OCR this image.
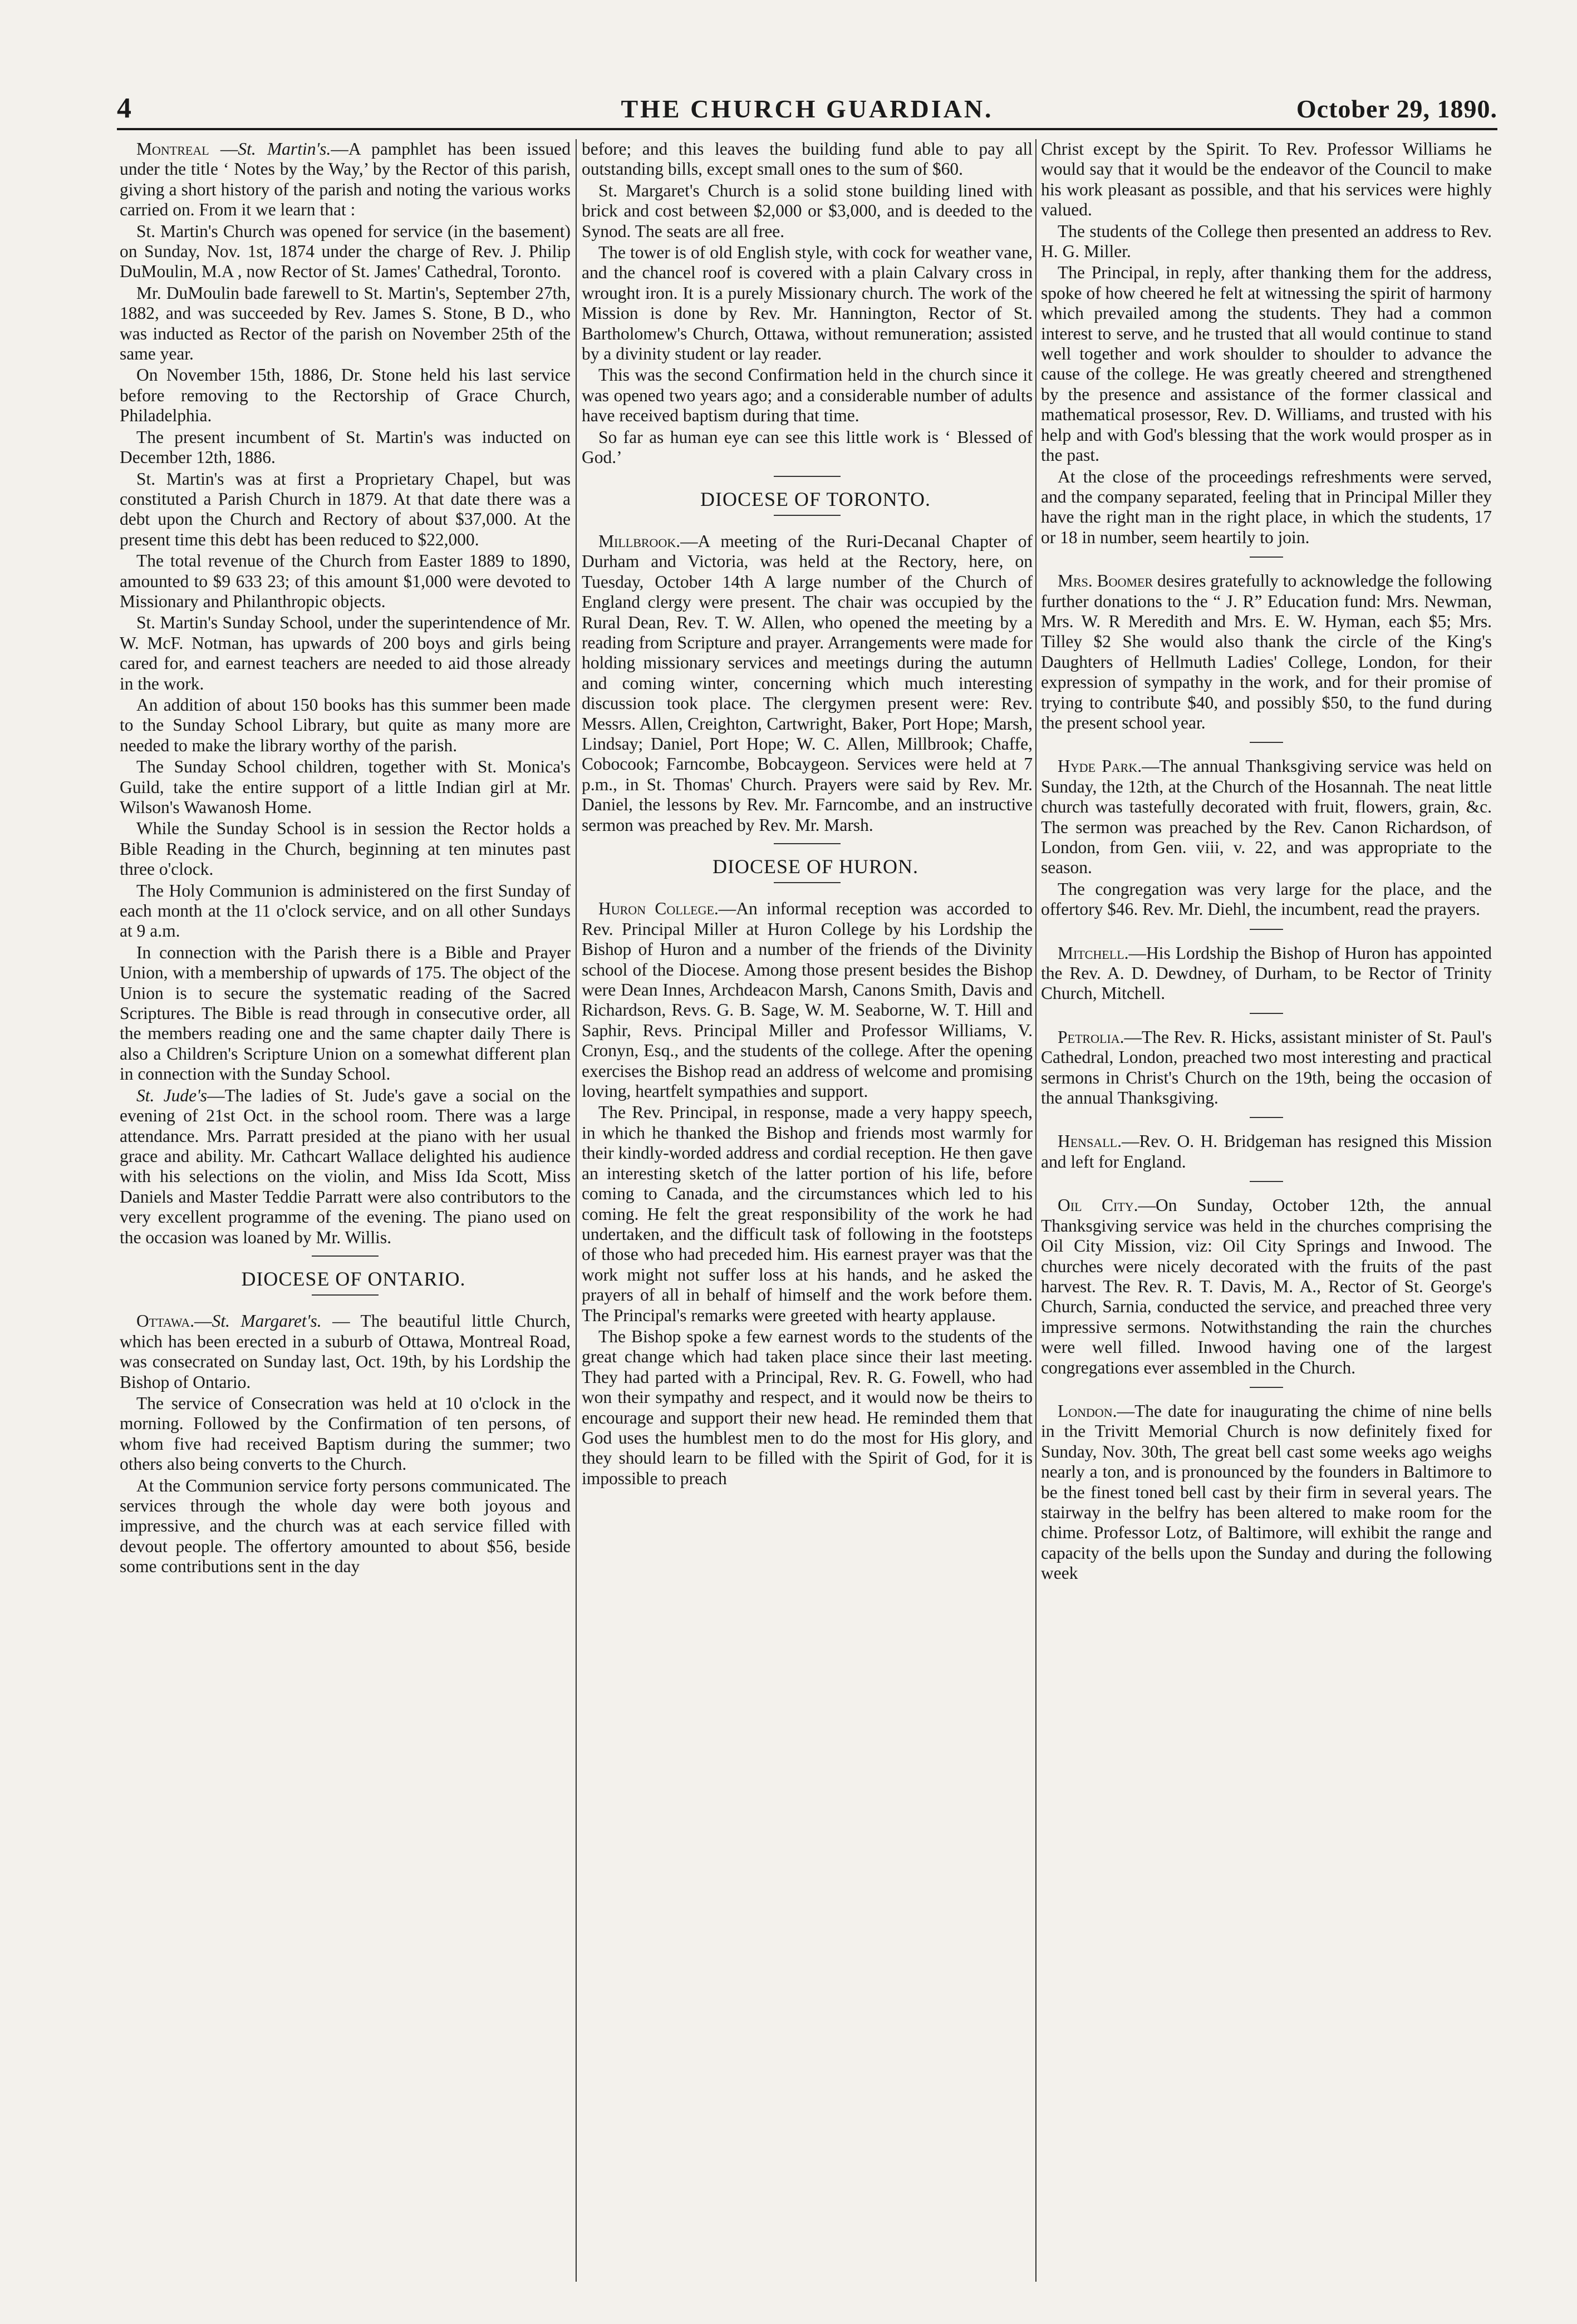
4	THE CHURCH GUARDIAN.	October 29, 1890.

Montreal —St. Martin's.—A pamphlet has been issued under the title ‘ Notes by the Way,’ by the Rector of this parish, giving a short history of the parish and noting the various works carried on. From it we learn that :

St. Martin's Church was opened for service (in the basement) on Sunday, Nov. 1st, 1874 under the charge of Rev. J. Philip DuMoulin, M.A , now Rector of St. James' Cathedral, Toronto.

Mr. DuMoulin bade farewell to St. Martin's, September 27th, 1882, and was succeeded by Rev. James S. Stone, B D., who was inducted as Rector of the parish on November 25th of the same year.

On November 15th, 1886, Dr. Stone held his last service before removing to the Rectorship of Grace Church, Philadelphia.

The present incumbent of St. Martin's was inducted on December 12th, 1886.

St. Martin's was at first a Proprietary Chapel, but was constituted a Parish Church in 1879. At that date there was a debt upon the Church and Rectory of about $37,000. At the present time this debt has been reduced to $22,000.

The total revenue of the Church from Easter 1889 to 1890, amounted to $9 633 23; of this amount $1,000 were devoted to Missionary and Philanthropic objects.

St. Martin's Sunday School, under the superintendence of Mr. W. McF. Notman, has upwards of 200 boys and girls being cared for, and earnest teachers are needed to aid those already in the work.

An addition of about 150 books has this summer been made to the Sunday School Library, but quite as many more are needed to make the library worthy of the parish.

The Sunday School children, together with St. Monica's Guild, take the entire support of a little Indian girl at Mr. Wilson's Wawanosh Home.

While the Sunday School is in session the Rector holds a Bible Reading in the Church, beginning at ten minutes past three o'clock.

The Holy Communion is administered on the first Sunday of each month at the 11 o'clock service, and on all other Sundays at 9 a.m.

In connection with the Parish there is a Bible and Prayer Union, with a membership of upwards of 175. The object of the Union is to secure the systematic reading of the Sacred Scriptures. The Bible is read through in consecutive order, all the members reading one and the same chapter daily There is also a Children's Scripture Union on a somewhat different plan in connection with the Sunday School.

St. Jude's—The ladies of St. Jude's gave a social on the evening of 21st Oct. in the school room. There was a large attendance. Mrs. Parratt presided at the piano with her usual grace and ability. Mr. Cathcart Wallace delighted his audience with his selections on the violin, and Miss Ida Scott, Miss Daniels and Master Teddie Parratt were also contributors to the very excellent programme of the evening. The piano used on the occasion was loaned by Mr. Willis.

DIOCESE OF ONTARIO.

Ottawa.—St. Margaret's. — The beautiful little Church, which has been erected in a suburb of Ottawa, Montreal Road, was consecrated on Sunday last, Oct. 19th, by his Lordship the Bishop of Ontario.

The service of Consecration was held at 10 o'clock in the morning. Followed by the Confirmation of ten persons, of whom five had received Baptism during the summer; two others also being converts to the Church.

At the Communion service forty persons communicated. The services through the whole day were both joyous and impressive, and the church was at each service filled with devout people. The offertory amounted to about $56, beside some contributions sent in the day

before; and this leaves the building fund able to pay all outstanding bills, except small ones to the sum of $60.

St. Margaret's Church is a solid stone building lined with brick and cost between $2,000 or $3,000, and is deeded to the Synod. The seats are all free.

The tower is of old English style, with cock for weather vane, and the chancel roof is covered with a plain Calvary cross in wrought iron. It is a purely Missionary church. The work of the Mission is done by Rev. Mr. Hannington, Rector of St. Bartholomew's Church, Ottawa, without remuneration; assisted by a divinity student or lay reader.

This was the second Confirmation held in the church since it was opened two years ago; and a considerable number of adults have received baptism during that time.

So far as human eye can see this little work is ‘ Blessed of God.’

DIOCESE OF TORONTO.

Millbrook.—A meeting of the Ruri-Decanal Chapter of Durham and Victoria, was held at the Rectory, here, on Tuesday, October 14th A large number of the Church of England clergy were present. The chair was occupied by the Rural Dean, Rev. T. W. Allen, who opened the meeting by a reading from Scripture and prayer. Arrangements were made for holding missionary services and meetings during the autumn and coming winter, concerning which much interesting discussion took place. The clergymen present were: Rev. Messrs. Allen, Creighton, Cartwright, Baker, Port Hope; Marsh, Lindsay; Daniel, Port Hope; W. C. Allen, Millbrook; Chaffe, Cobocook; Farncombe, Bobcaygeon. Services were held at 7 p.m., in St. Thomas' Church. Prayers were said by Rev. Mr. Daniel, the lessons by Rev. Mr. Farncombe, and an instructive sermon was preached by Rev. Mr. Marsh.

DIOCESE OF HURON.

Huron College.—An informal reception was accorded to Rev. Principal Miller at Huron College by his Lordship the Bishop of Huron and a number of the friends of the Divinity school of the Diocese. Among those present besides the Bishop were Dean Innes, Archdeacon Marsh, Canons Smith, Davis and Richardson, Revs. G. B. Sage, W. M. Seaborne, W. T. Hill and Saphir, Revs. Principal Miller and Professor Williams, V. Cronyn, Esq., and the students of the college. After the opening exercises the Bishop read an address of welcome and promising loving, heartfelt sympathies and support.

The Rev. Principal, in response, made a very happy speech, in which he thanked the Bishop and friends most warmly for their kindly-worded address and cordial reception. He then gave an interesting sketch of the latter portion of his life, before coming to Canada, and the circumstances which led to his coming. He felt the great responsibility of the work he had undertaken, and the difficult task of following in the footsteps of those who had preceded him. His earnest prayer was that the work might not suffer loss at his hands, and he asked the prayers of all in behalf of himself and the work before them. The Principal's remarks were greeted with hearty applause.

The Bishop spoke a few earnest words to the students of the great change which had taken place since their last meeting. They had parted with a Principal, Rev. R. G. Fowell, who had won their sympathy and respect, and it would now be theirs to encourage and support their new head. He reminded them that God uses the humblest men to do the most for His glory, and they should learn to be filled with the Spirit of God, for it is impossible to preach

Christ except by the Spirit. To Rev. Professor Williams he would say that it would be the endeavor of the Council to make his work pleasant as possible, and that his services were highly valued.

The students of the College then presented an address to Rev. H. G. Miller.

The Principal, in reply, after thanking them for the address, spoke of how cheered he felt at witnessing the spirit of harmony which prevailed among the students. They had a common interest to serve, and he trusted that all would continue to stand well together and work shoulder to shoulder to advance the cause of the college. He was greatly cheered and strengthened by the presence and assistance of the former classical and mathematical prosessor, Rev. D. Williams, and trusted with his help and with God's blessing that the work would prosper as in the past.

At the close of the proceedings refreshments were served, and the company separated, feeling that in Principal Miller they have the right man in the right place, in which the students, 17 or 18 in number, seem heartily to join.

Mrs. Boomer desires gratefully to acknowledge the following further donations to the “ J. R” Education fund: Mrs. Newman, Mrs. W. R Meredith and Mrs. E. W. Hyman, each $5; Mrs. Tilley $2 She would also thank the circle of the King's Daughters of Hellmuth Ladies' College, London, for their expression of sympathy in the work, and for their promise of trying to contribute $40, and possibly $50, to the fund during the present school year.

Hyde Park.—The annual Thanksgiving service was held on Sunday, the 12th, at the Church of the Hosannah. The neat little church was tastefully decorated with fruit, flowers, grain, &c. The sermon was preached by the Rev. Canon Richardson, of London, from Gen. viii, v. 22, and was appropriate to the season.

The congregation was very large for the place, and the offertory $46. Rev. Mr. Diehl, the incumbent, read the prayers.

Mitchell.—His Lordship the Bishop of Huron has appointed the Rev. A. D. Dewdney, of Durham, to be Rector of Trinity Church, Mitchell.

Petrolia.—The Rev. R. Hicks, assistant minister of St. Paul's Cathedral, London, preached two most interesting and practical sermons in Christ's Church on the 19th, being the occasion of the annual Thanksgiving.

Hensall.—Rev. O. H. Bridgeman has resigned this Mission and left for England.

Oil City.—On Sunday, October 12th, the annual Thanksgiving service was held in the churches comprising the Oil City Mission, viz: Oil City Springs and Inwood. The churches were nicely decorated with the fruits of the past harvest. The Rev. R. T. Davis, M. A., Rector of St. George's Church, Sarnia, conducted the service, and preached three very impressive sermons. Notwithstanding the rain the churches were well filled. Inwood having one of the largest congregations ever assembled in the Church.

London.—The date for inaugurating the chime of nine bells in the Trivitt Memorial Church is now definitely fixed for Sunday, Nov. 30th, The great bell cast some weeks ago weighs nearly a ton, and is pronounced by the founders in Baltimore to be the finest toned bell cast by their firm in several years. The stairway in the belfry has been altered to make room for the chime. Professor Lotz, of Baltimore, will exhibit the range and capacity of the bells upon the Sunday and during the following week
